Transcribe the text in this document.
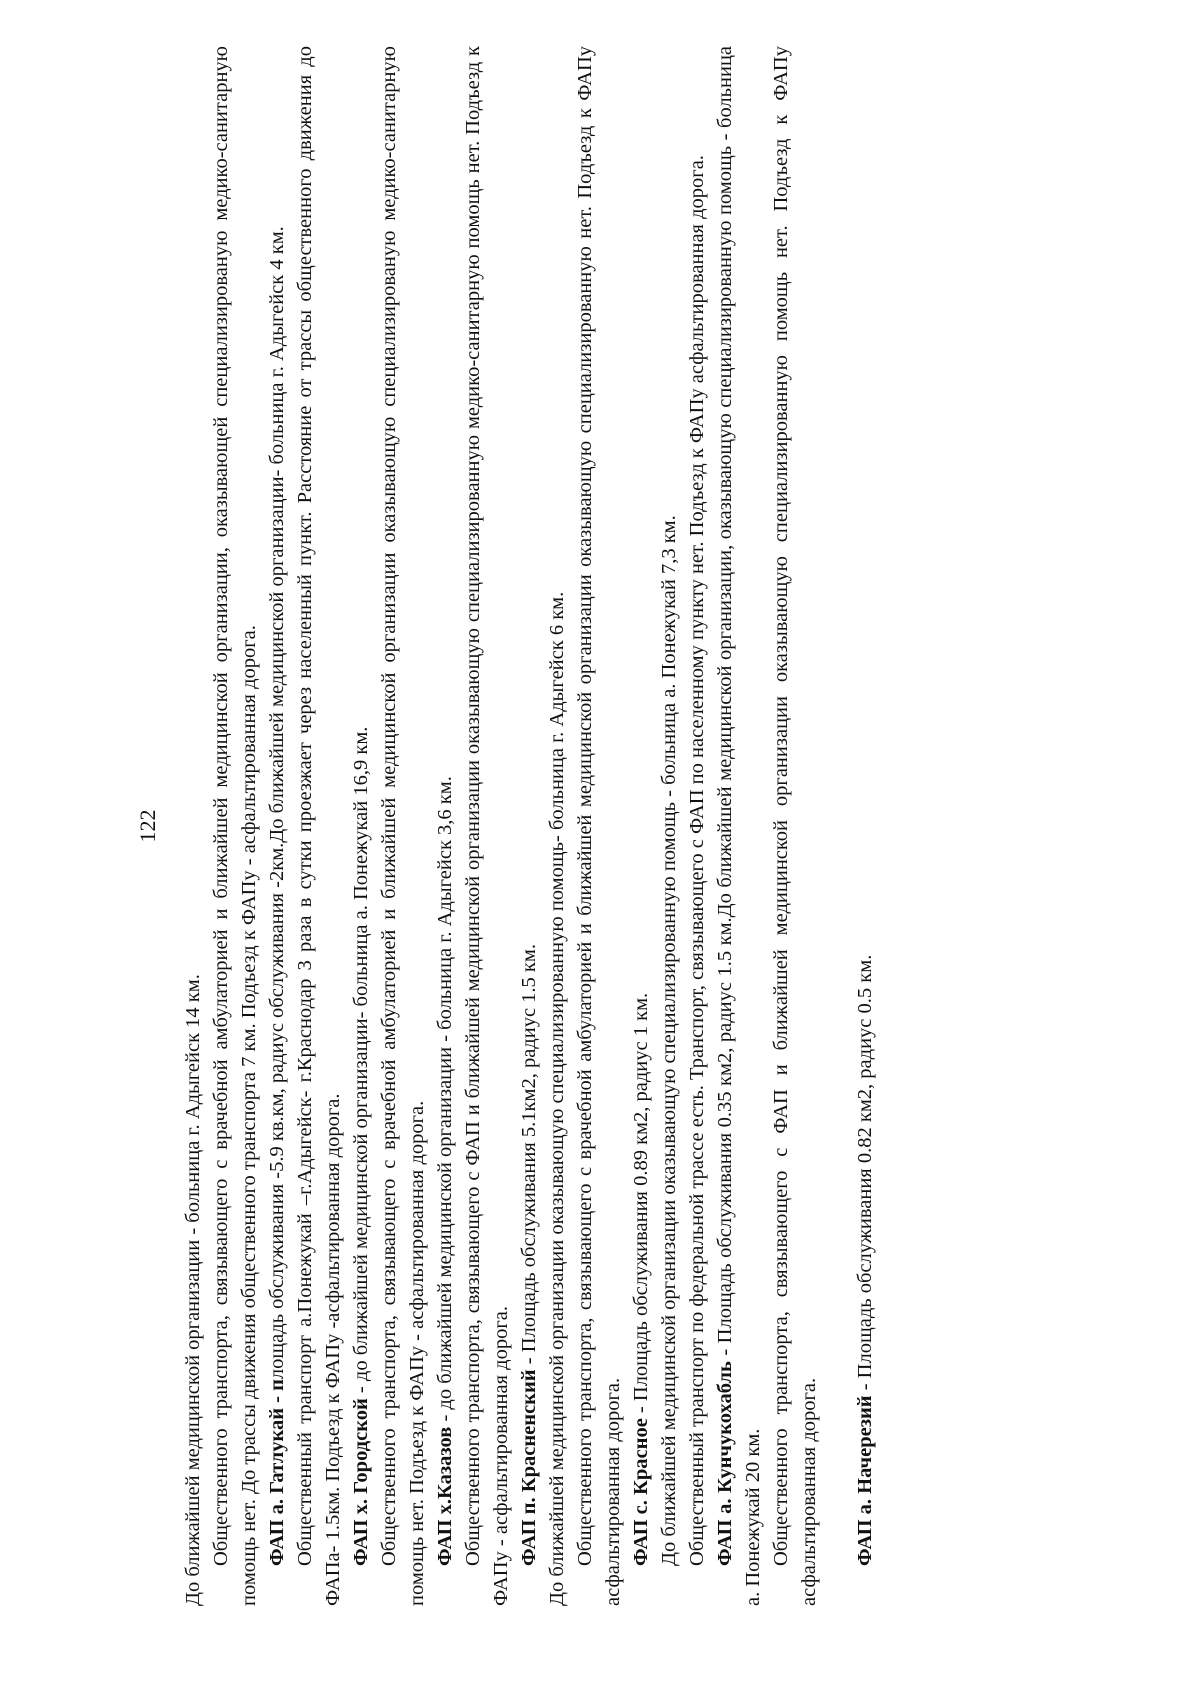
122

До ближайшей медицинской организации - больница г. Адыгейск 14 км. Общественного транспорта, связывающего с врачебной амбулаторией и ближайшей медицинской организации, оказывающей специализированую медико-санитарную помощь нет. До трассы движения общественного транспорта 7 км. Подъезд к ФАПу - асфальтированная дорога. ФАП а. Гатлукай - площадь обслуживания -5.9 кв.км, радиус обслуживания -2км.До ближайшей медицинской организации- больница г. Адыгейск 4 км. Общественный транспорт а.Понежукай –г.Адыгейск- г.Краснодар 3 раза в сутки проезжает через населенный пункт. Расстояние от трассы общественного движения до ФАПа- 1.5км. Подъезд к ФАПу -асфальтированная дорога. ФАП х. Городской - до ближайшей медицинской организации- больница а. Понежукай 16,9 км. Общественного транспорта, связывающего с врачебной амбулаторией и ближайшей медицинской организации оказывающую специализированую медико-санитарную помощь нет. Подъезд к ФАПу - асфальтированная дорога. ФАП х.Казазов - до ближайшей медицинской организации - больница г. Адыгейск 3,6 км. Общественного транспорта, связывающего с ФАП и ближайшей медицинской организации оказывающую специализированную медико-санитарную помощь нет. Подъезд к ФАПу - асфальтированная дорога. ФАП п. Красненский - Площадь обслуживания 5.1км2, радиус 1.5 км. До ближайшей медицинской организации оказывающую специализированную помощь- больница г. Адыгейск 6 км. Общественного транспорта, связывающего с врачебной амбулаторией и ближайшей медицинской организации оказывающую специализированную нет. Подъезд к ФАПу асфальтированная дорога. ФАП с. Красное - Площадь обслуживания 0.89 км2, радиус 1 км. До ближайшей медицинской организации оказывающую специализированную помощь - больница а. Понежукай 7,3 км. Общественный транспорт по федеральной трассе есть. Транспорт, связывающего с ФАП по населенному пункту нет. Подъезд к ФАПу асфальтированная дорога. ФАП а. Кунчукохабль - Площадь обслуживания 0.35 км2, радиус 1.5 км.До ближайшей медицинской организации, оказывающую специализированную помощь - больница а. Понежукай 20 км. Общественного транспорта, связывающего с ФАП и ближайшей медицинской организации оказывающую специализированную помощь нет. Подъезд к ФАПу асфальтированная дорога. ФАП а. Начерезий - Площадь обслуживания 0.82 км2, радиус 0.5 км.
